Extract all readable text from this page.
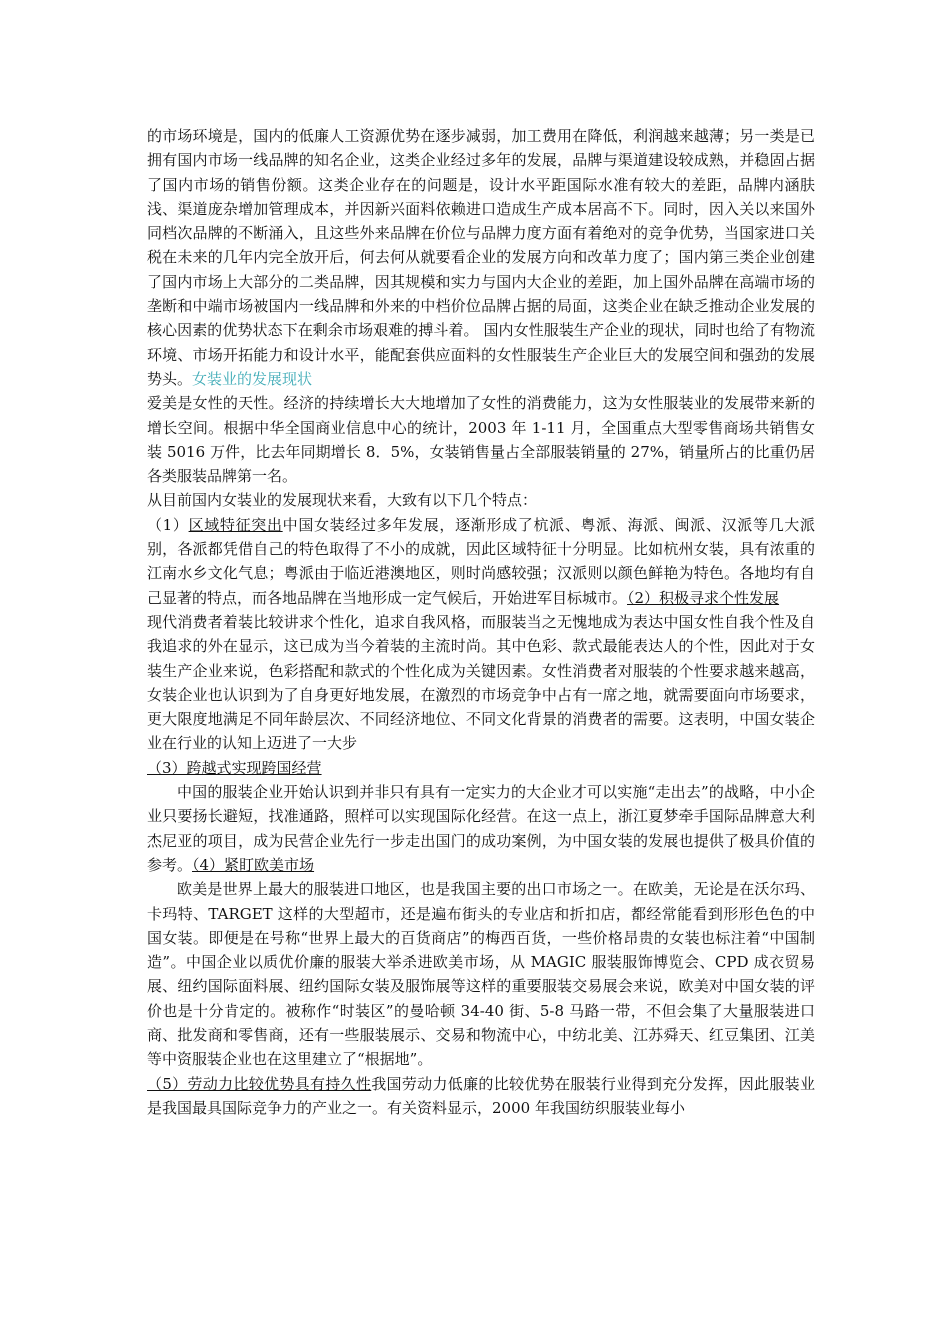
的市场环境是，国内的低廉人工资源优势在逐步减弱，加工费用在降低，利润越来越薄；另一类是已拥有国内市场一线品牌的知名企业，这类企业经过多年的发展，品牌与渠道建设较成熟，并稳固占据了国内市场的销售份额。这类企业存在的问题是，设计水平距国际水准有较大的差距，品牌内涵肤浅、渠道庞杂增加管理成本，并因新兴面料依赖进口造成生产成本居高不下。同时，因入关以来国外同档次品牌的不断涌入，且这些外来品牌在价位与品牌力度方面有着绝对的竞争优势，当国家进口关税在未来的几年内完全放开后，何去何从就要看企业的发展方向和改革力度了；国内第三类企业创建了国内市场上大部分的二类品牌，因其规模和实力与国内大企业的差距，加上国外品牌在高端市场的垄断和中端市场被国内一线品牌和外来的中档价位品牌占据的局面，这类企业在缺乏推动企业发展的核心因素的优势状态下在剩余市场艰难的搏斗着。 国内女性服装生产企业的现状，同时也给了有物流环境、市场开拓能力和设计水平，能配套供应面料的女性服装生产企业巨大的发展空间和强劲的发展势头。女装业的发展现状

爱美是女性的天性。经济的持续增长大大地增加了女性的消费能力，这为女性服装业的发展带来新的增长空间。根据中华全国商业信息中心的统计，2003 年 1-11 月，全国重点大型零售商场共销售女装 5016 万件，比去年同期增长 8．5%，女装销售量占全部服装销量的 27%，销量所占的比重仍居各类服装品牌第一名。

从目前国内女装业的发展现状来看，大致有以下几个特点：

（1）区域特征突出中国女装经过多年发展，逐渐形成了杭派、粤派、海派、闽派、汉派等几大派别，各派都凭借自己的特色取得了不小的成就，因此区域特征十分明显。比如杭州女装，具有浓重的江南水乡文化气息；粤派由于临近港澳地区，则时尚感较强；汉派则以颜色鲜艳为特色。各地均有自己显著的特点，而各地品牌在当地形成一定气候后，开始进军目标城市。（2）积极寻求个性发展

现代消费者着装比较讲求个性化，追求自我风格，而服装当之无愧地成为表达中国女性自我个性及自我追求的外在显示，这已成为当今着装的主流时尚。其中色彩、款式最能表达人的个性，因此对于女装生产企业来说，色彩搭配和款式的个性化成为关键因素。女性消费者对服装的个性要求越来越高，女装企业也认识到为了自身更好地发展，在激烈的市场竞争中占有一席之地，就需要面向市场要求，更大限度地满足不同年龄层次、不同经济地位、不同文化背景的消费者的需要。这表明，中国女装企业在行业的认知上迈进了一大步

（3）跨越式实现跨国经营

中国的服装企业开始认识到并非只有具有一定实力的大企业才可以实施“走出去”的战略，中小企业只要扬长避短，找准通路，照样可以实现国际化经营。在这一点上，浙江夏梦牵手国际品牌意大利杰尼亚的项目，成为民营企业先行一步走出国门的成功案例，为中国女装的发展也提供了极具价值的参考。（4）紧盯欧美市场

欧美是世界上最大的服装进口地区，也是我国主要的出口市场之一。在欧美，无论是在沃尔玛、卡玛特、TARGET 这样的大型超市，还是遍布街头的专业店和折扣店，都经常能看到形形色色的中国女装。即便是在号称“世界上最大的百货商店”的梅西百货，一些价格昂贵的女装也标注着“中国制造”。中国企业以质优价廉的服装大举杀进欧美市场，从 MAGIC 服装服饰博览会、CPD 成衣贸易展、纽约国际面料展、纽约国际女装及服饰展等这样的重要服装交易展会来说，欧美对中国女装的评价也是十分肯定的。被称作“时装区”的曼哈顿 34-40 街、5-8 马路一带，不但会集了大量服装进口商、批发商和零售商，还有一些服装展示、交易和物流中心，中纺北美、江苏舜天、红豆集团、江美等中资服装企业也在这里建立了“根据地”。

（5）劳动力比较优势具有持久性我国劳动力低廉的比较优势在服装行业得到充分发挥，因此服装业是我国最具国际竞争力的产业之一。有关资料显示，2000 年我国纺织服装业每小
